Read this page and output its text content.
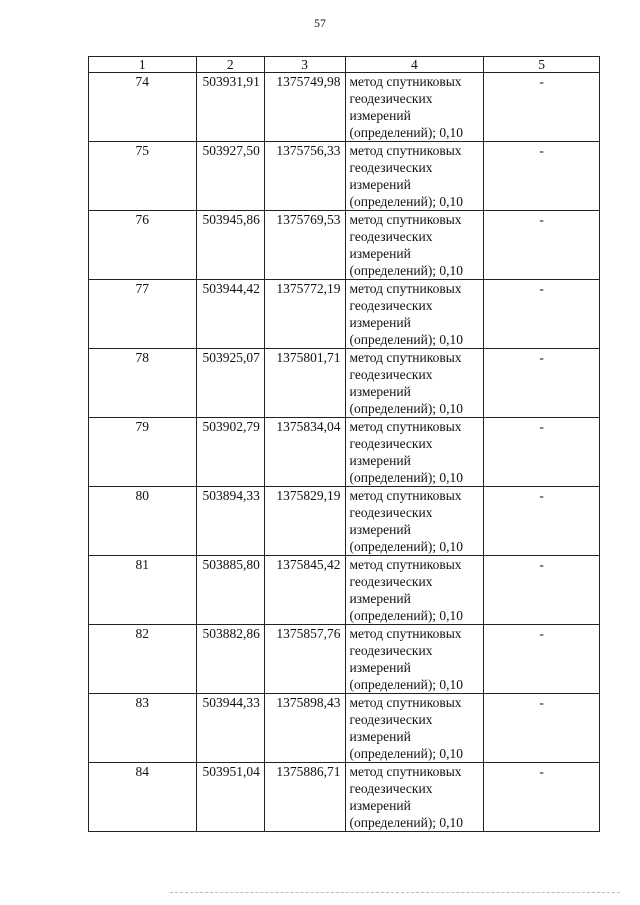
57
1	2	3	4	5
74	503931,91	1375749,98	метод спутниковых геодезических измерений (определений); 0,10	-
75	503927,50	1375756,33	метод спутниковых геодезических измерений (определений); 0,10	-
76	503945,86	1375769,53	метод спутниковых геодезических измерений (определений); 0,10	-
77	503944,42	1375772,19	метод спутниковых геодезических измерений (определений); 0,10	-
78	503925,07	1375801,71	метод спутниковых геодезических измерений (определений); 0,10	-
79	503902,79	1375834,04	метод спутниковых геодезических измерений (определений); 0,10	-
80	503894,33	1375829,19	метод спутниковых геодезических измерений (определений); 0,10	-
81	503885,80	1375845,42	метод спутниковых геодезических измерений (определений); 0,10	-
82	503882,86	1375857,76	метод спутниковых геодезических измерений (определений); 0,10	-
83	503944,33	1375898,43	метод спутниковых геодезических измерений (определений); 0,10	-
84	503951,04	1375886,71	метод спутниковых геодезических измерений (определений); 0,10	-
